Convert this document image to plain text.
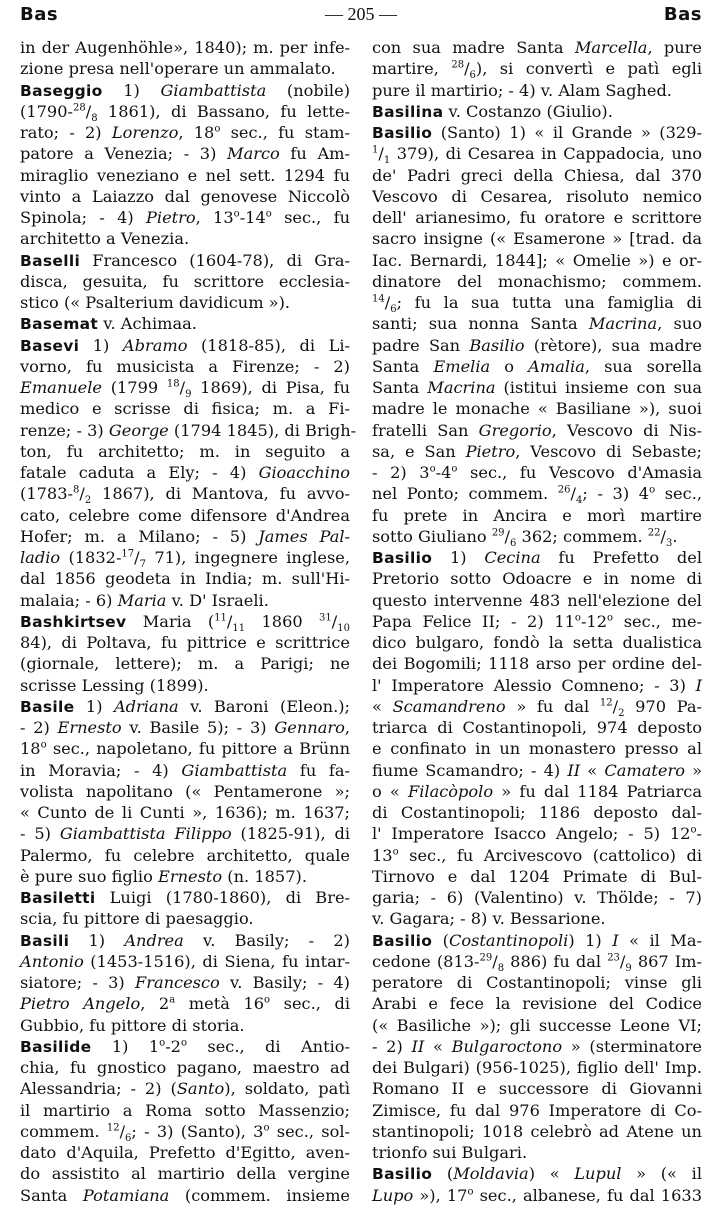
Bas	— 205 —	Bas
in der Augenhöhle», 1840); m. per infe-
zione presa nell'operare un ammalato.
Baseggio 1) Giambattista (nobile)
($1790-^{28}/_8$ 1861), di Bassano, fu lette-
rato; - 2) Lorenzo, 18$^o$ sec., fu stam-
patore a Venezia; - 3) Marco fu Am-
miraglio veneziano e nel sett. 1294 fu
vinto a Laiazzo dal genovese Niccolò
Spinola; - 4) Pietro, 13$^o$-14$^o$ sec., fu
architetto a Venezia.
Baselli Francesco (1604-78), di Gra-
disca, gesuita, fu scrittore ecclesia-
stico (« Psalterium davidicum »).
Basemat v. Achimaa.
Basevi 1) Abramo (1818-85), di Li-
vorno, fu musicista a Firenze; - 2)
Emanuele (1799 $^{18}/_9$ 1869), di Pisa, fu
medico e scrisse di fisica; m. a Fi-
renze; - 3) George (1794 1845), di Brigh-
ton, fu architetto; m. in seguito a
fatale caduta a Ely; - 4) Gioacchino
($1783-^8/_2$ 1867), di Mantova, fu avvo-
cato, celebre come difensore d'Andrea
Hofer; m. a Milano; - 5) James Pal-
ladio ($1832-^{17}/_7$ 71), ingegnere inglese,
dal 1856 geodeta in India; m. sull'Hi-
malaia; - 6) Maria v. D' Israeli.
Bashkirtsev Maria ($^{11}/_{11}$ 1860 $^{31}/_{10}$
84), di Poltava, fu pittrice e scrittrice
(giornale, lettere); m. a Parigi; ne
scrisse Lessing (1899).
Basile 1) Adriana v. Baroni (Eleon.);
- 2) Ernesto v. Basile 5); - 3) Gennaro,
18$^o$ sec., napoletano, fu pittore a Brünn
in Moravia; - 4) Giambattista fu fa-
volista napolitano (« Pentamerone »;
« Cunto de li Cunti », 1636); m. 1637;
- 5) Giambattista Filippo (1825-91), di
Palermo, fu celebre architetto, quale
è pure suo figlio Ernesto (n. 1857).
Basiletti Luigi (1780-1860), di Bre-
scia, fu pittore di paesaggio.
Basili 1) Andrea v. Basily; - 2)
Antonio (1453-1516), di Siena, fu intar-
siatore; - 3) Francesco v. Basily; - 4)
Pietro Angelo, 2$^a$ metà 16$^o$ sec., di
Gubbio, fu pittore di storia.
Basilide 1) 1$^o$-2$^o$ sec., di Antio-
chia, fu gnostico pagano, maestro ad
Alessandria; - 2) (Santo), soldato, patì
il martirio a Roma sotto Massenzio;
commem. $^{12}/_6$; - 3) (Santo), 3$^o$ sec., sol-
dato d'Aquila, Prefetto d'Egitto, aven-
do assistito al martirio della vergine
Santa Potamiana (commem. insieme
con sua madre Santa Marcella, pure
martire, $^{28}/_6$), si convertì e patì egli
pure il martirio; - 4) v. Alam Saghed.
Basilina v. Costanzo (Giulio).
Basilio (Santo) 1) « il Grande » (329-
$^1/_1$ 379), di Cesarea in Cappadocia, uno
de' Padri greci della Chiesa, dal 370
Vescovo di Cesarea, risoluto nemico
dell' arianesimo, fu oratore e scrittore
sacro insigne (« Esamerone » [trad. da
Iac. Bernardi, 1844]; « Omelie ») e or-
dinatore del monachismo; commem.
$^{14}/_6$; fu la sua tutta una famiglia di
santi; sua nonna Santa Macrina, suo
padre San Basilio (rètore), sua madre
Santa Emelia o Amalia, sua sorella
Santa Macrina (istitui insieme con sua
madre le monache « Basiliane »), suoi
fratelli San Gregorio, Vescovo di Nis-
sa, e San Pietro, Vescovo di Sebaste;
- 2) 3$^o$-4$^o$ sec., fu Vescovo d'Amasia
nel Ponto; commem. $^{26}/_4$; - 3) 4$^o$ sec.,
fu prete in Ancira e morì martire
sotto Giuliano $^{29}/_6$ 362; commem. $^{22}/_3$.
Basilio 1) Cecina fu Prefetto del
Pretorio sotto Odoacre e in nome di
questo intervenne 483 nell'elezione del
Papa Felice II; - 2) 11$^o$-12$^o$ sec., me-
dico bulgaro, fondò la setta dualistica
dei Bogomili; 1118 arso per ordine del-
l' Imperatore Alessio Comneno; - 3) I
« Scamandreno » fu dal $^{12}/_2$ 970 Pa-
triarca di Costantinopoli, 974 deposto
e confinato in un monastero presso al
fiume Scamandro; - 4) II « Camatero »
o « Filacòpolo » fu dal 1184 Patriarca
di Costantinopoli; 1186 deposto dal-
l' Imperatore Isacco Angelo; - 5) 12$^o$-
13$^o$ sec., fu Arcivescovo (cattolico) di
Tirnovo e dal 1204 Primate di Bul-
garia; - 6) (Valentino) v. Thölde; - 7)
v. Gagara; - 8) v. Bessarione.
Basilio (Costantinopoli) 1) I « il Ma-
cedone ($813-^{29}/_8$ 886) fu dal $^{23}/_9$ 867 Im-
peratore di Costantinopoli; vinse gli
Arabi e fece la revisione del Codice
(« Basiliche »); gli successe Leone VI;
- 2) II « Bulgaroctono » (sterminatore
dei Bulgari) (956-1025), figlio dell' Imp.
Romano II e successore di Giovanni
Zimisce, fu dal 976 Imperatore di Co-
stantinopoli; 1018 celebrò ad Atene un
trionfo sui Bulgari.
Basilio (Moldavia) « Lupul » (« il
Lupo »), 17$^o$ sec., albanese, fu dal 1633
